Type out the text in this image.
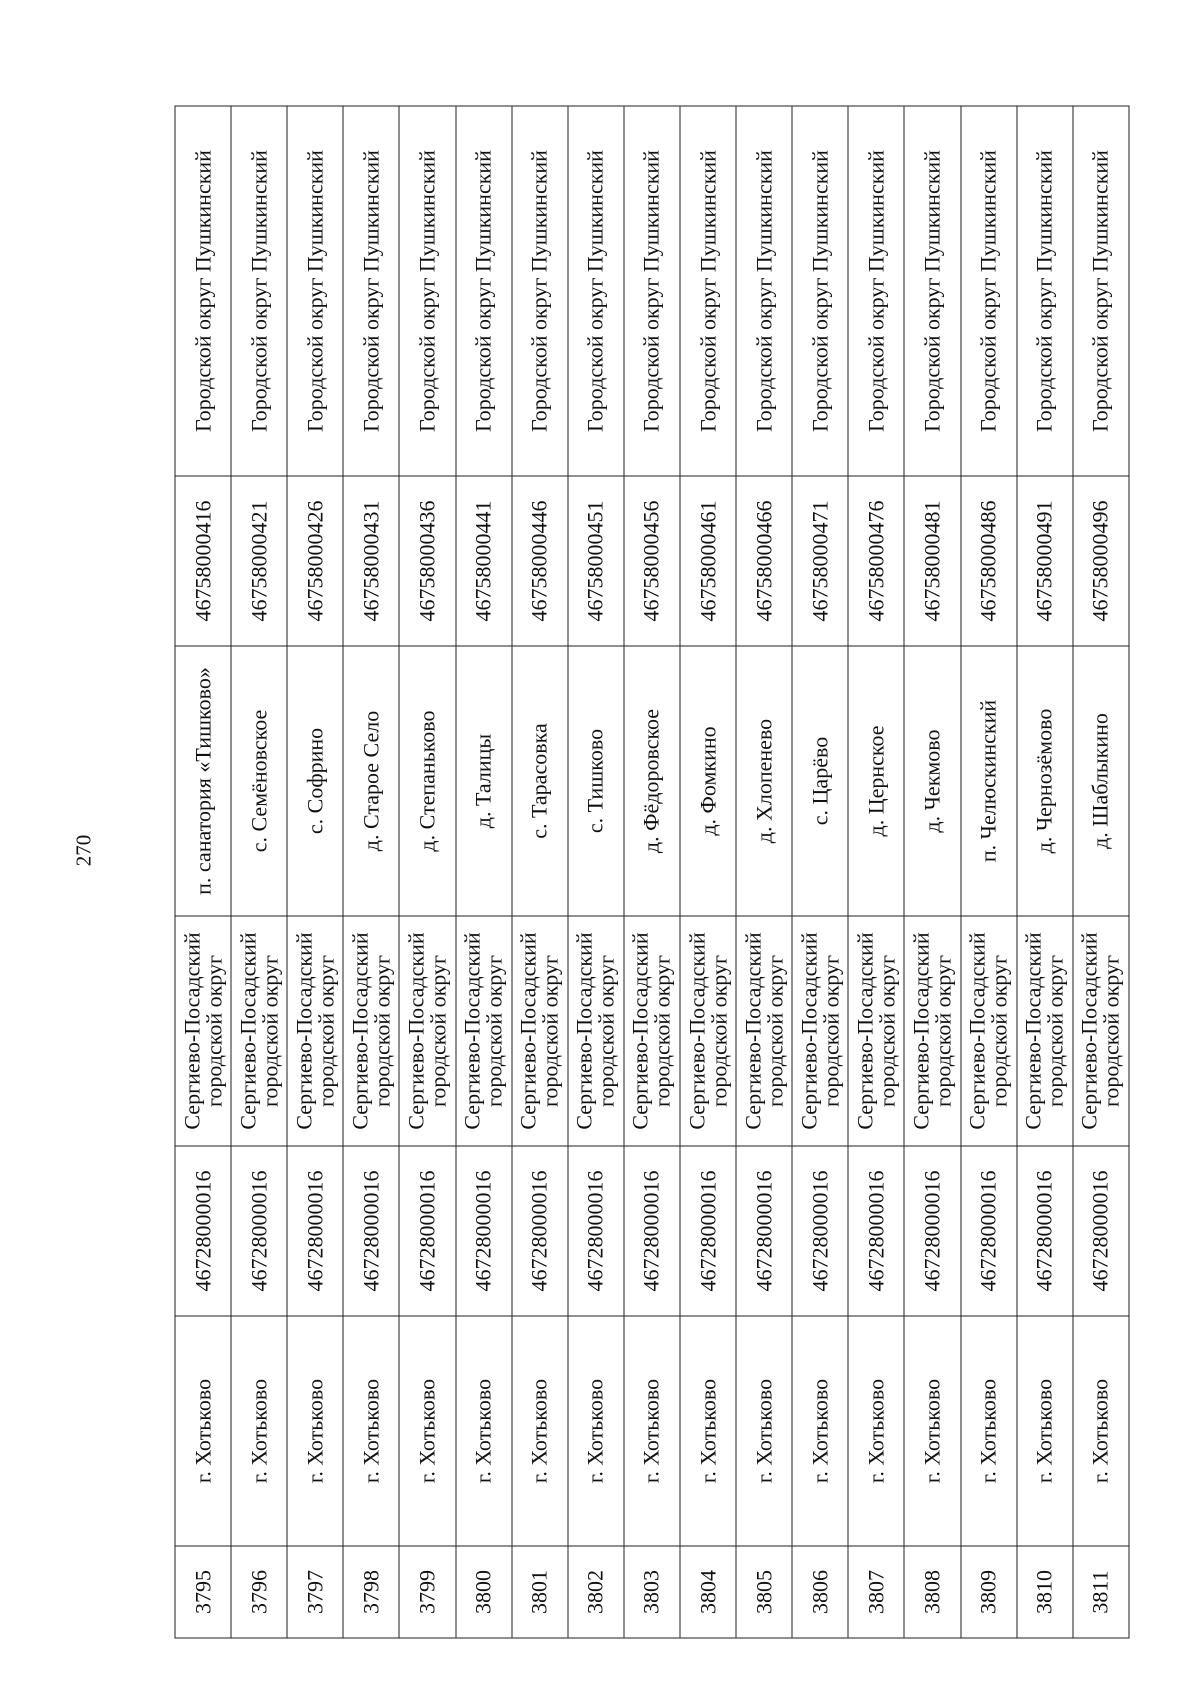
270
3795	г. Хотьково	46728000016	Сергиево-Посадский городской округ	п. санатория «Тишково»	46758000416	Городской округ Пушкинский
3796	г. Хотьково	46728000016	Сергиево-Посадский городской округ	с. Семёновское	46758000421	Городской округ Пушкинский
3797	г. Хотьково	46728000016	Сергиево-Посадский городской округ	с. Софрино	46758000426	Городской округ Пушкинский
3798	г. Хотьково	46728000016	Сергиево-Посадский городской округ	д. Старое Село	46758000431	Городской округ Пушкинский
3799	г. Хотьково	46728000016	Сергиево-Посадский городской округ	д. Степаньково	46758000436	Городской округ Пушкинский
3800	г. Хотьково	46728000016	Сергиево-Посадский городской округ	д. Талицы	46758000441	Городской округ Пушкинский
3801	г. Хотьково	46728000016	Сергиево-Посадский городской округ	с. Тарасовка	46758000446	Городской округ Пушкинский
3802	г. Хотьково	46728000016	Сергиево-Посадский городской округ	с. Тишково	46758000451	Городской округ Пушкинский
3803	г. Хотьково	46728000016	Сергиево-Посадский городской округ	д. Фёдоровское	46758000456	Городской округ Пушкинский
3804	г. Хотьково	46728000016	Сергиево-Посадский городской округ	д. Фомкино	46758000461	Городской округ Пушкинский
3805	г. Хотьково	46728000016	Сергиево-Посадский городской округ	д. Хлопенево	46758000466	Городской округ Пушкинский
3806	г. Хотьково	46728000016	Сергиево-Посадский городской округ	с. Царёво	46758000471	Городской округ Пушкинский
3807	г. Хотьково	46728000016	Сергиево-Посадский городской округ	д. Цернское	46758000476	Городской округ Пушкинский
3808	г. Хотьково	46728000016	Сергиево-Посадский городской округ	д. Чекмово	46758000481	Городской округ Пушкинский
3809	г. Хотьково	46728000016	Сергиево-Посадский городской округ	п. Челюскинский	46758000486	Городской округ Пушкинский
3810	г. Хотьково	46728000016	Сергиево-Посадский городской округ	д. Чернозёмово	46758000491	Городской округ Пушкинский
3811	г. Хотьково	46728000016	Сергиево-Посадский городской округ	д. Шаблыкино	46758000496	Городской округ Пушкинский
